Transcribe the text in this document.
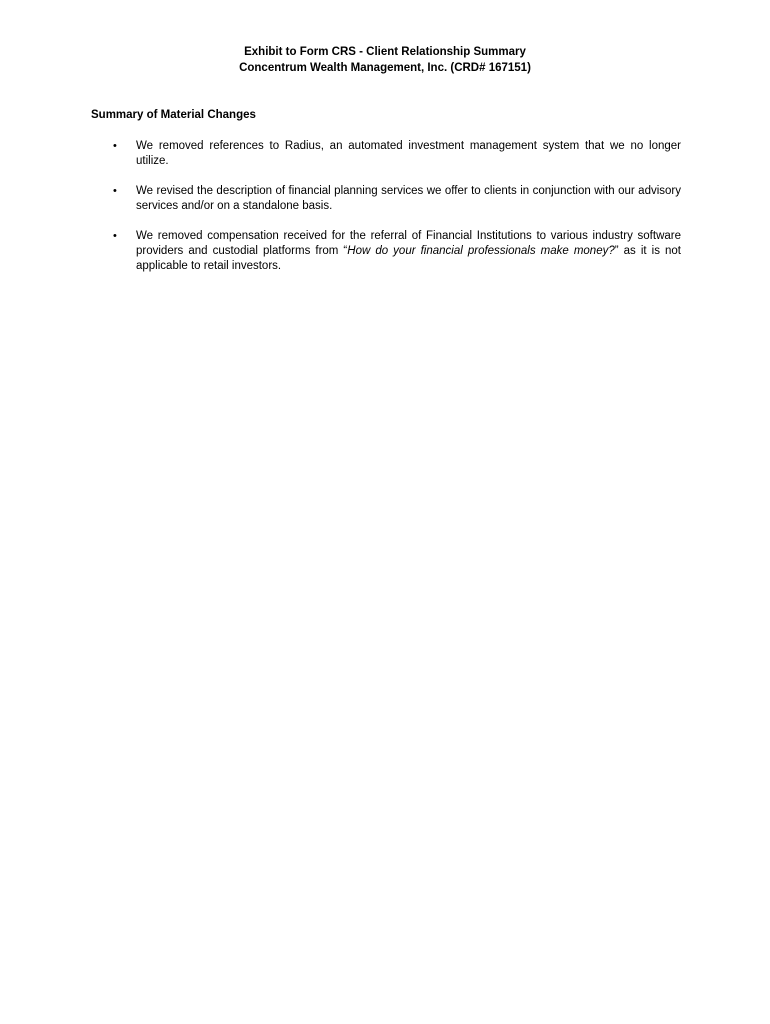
Exhibit to Form CRS - Client Relationship Summary
Concentrum Wealth Management, Inc. (CRD# 167151)
Summary of Material Changes
• We removed references to Radius, an automated investment management system that we no longer utilize.
• We revised the description of financial planning services we offer to clients in conjunction with our advisory services and/or on a standalone basis.
• We removed compensation received for the referral of Financial Institutions to various industry software providers and custodial platforms from “How do your financial professionals make money?” as it is not applicable to retail investors.
